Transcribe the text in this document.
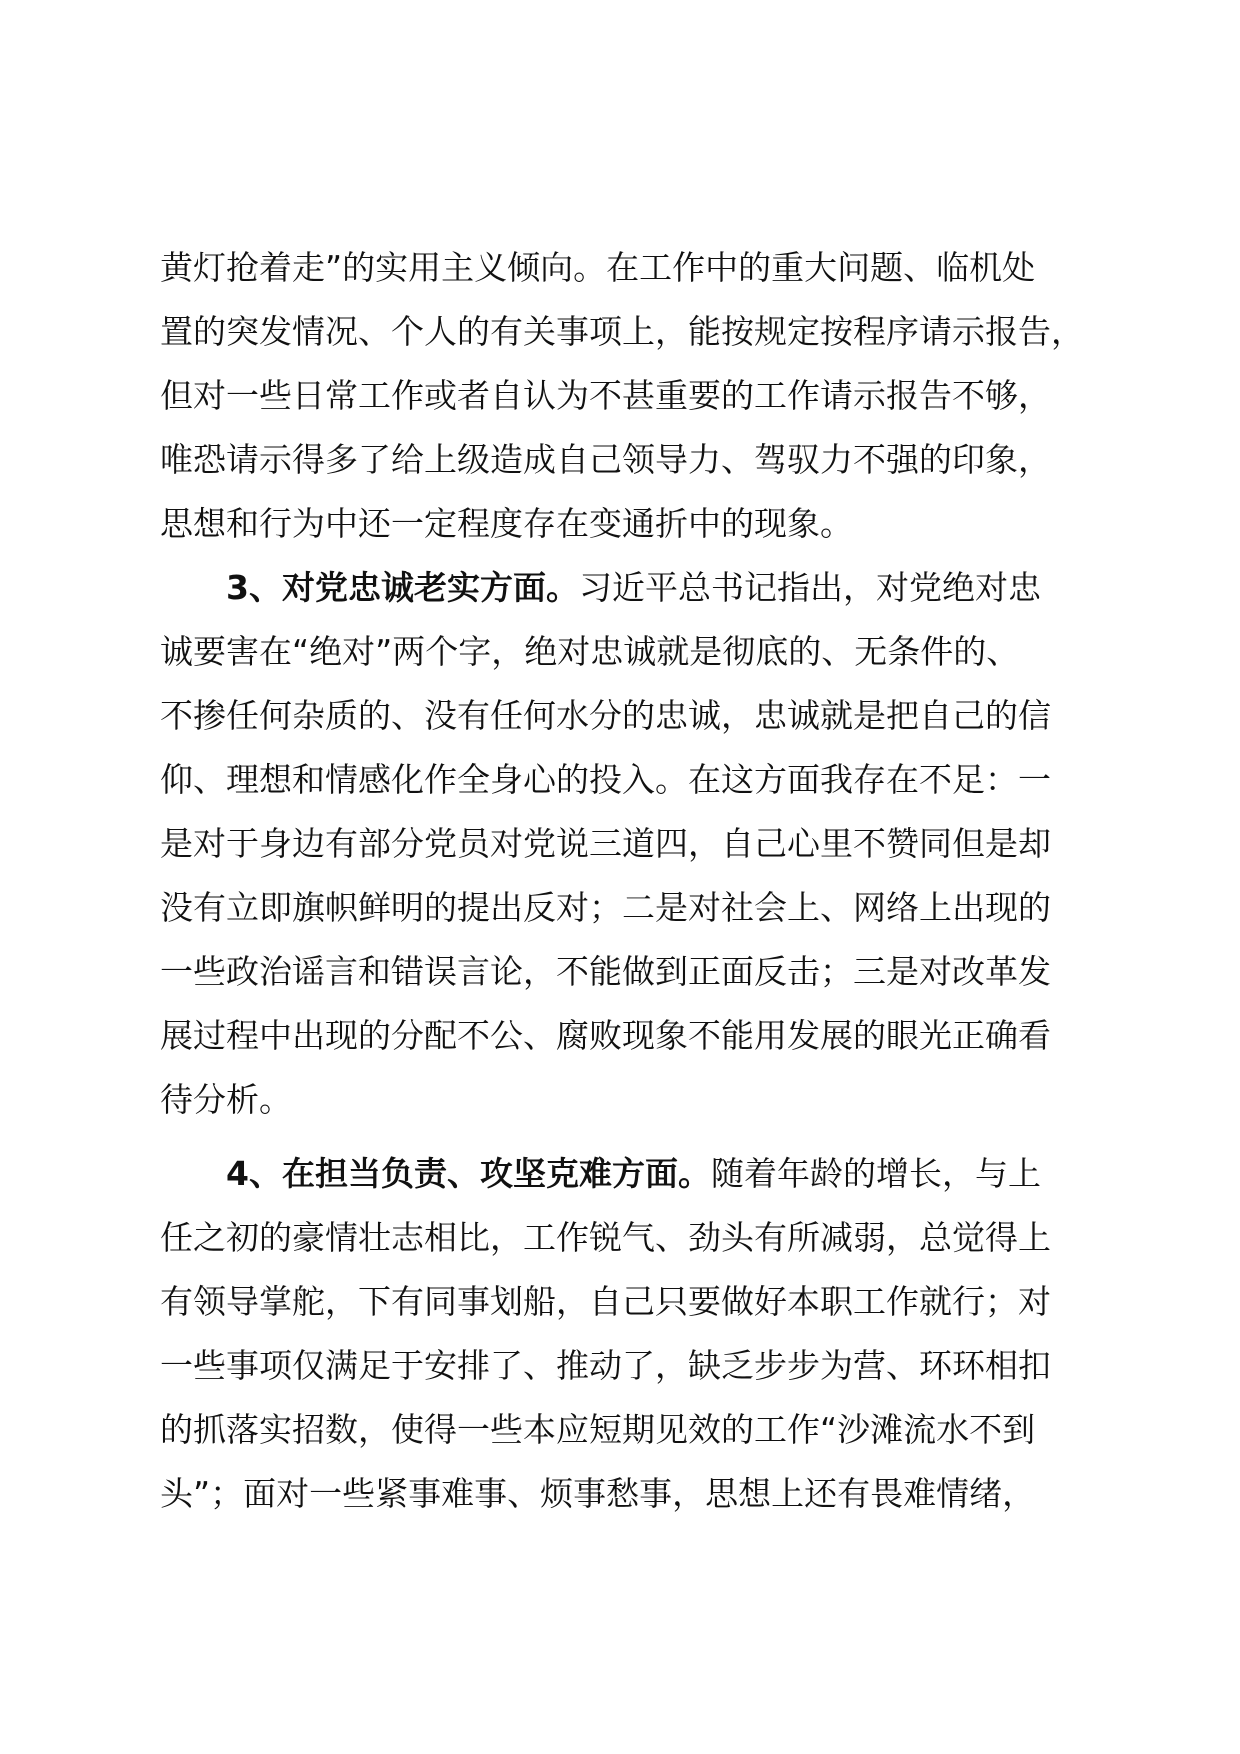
黄灯抢着走”的实用主义倾向。在工作中的重大问题、临机处
置的突发情况、个人的有关事项上，能按规定按程序请示报告，
但对一些日常工作或者自认为不甚重要的工作请示报告不够，
唯恐请示得多了给上级造成自己领导力、驾驭力不强的印象，
思想和行为中还一定程度存在变通折中的现象。
3、对党忠诚老实方面。习近平总书记指出，对党绝对忠
诚要害在“绝对”两个字，绝对忠诚就是彻底的、无条件的、
不掺任何杂质的、没有任何水分的忠诚，忠诚就是把自己的信
仰、理想和情感化作全身心的投入。在这方面我存在不足：一
是对于身边有部分党员对党说三道四，自己心里不赞同但是却
没有立即旗帜鲜明的提出反对；二是对社会上、网络上出现的
一些政治谣言和错误言论，不能做到正面反击；三是对改革发
展过程中出现的分配不公、腐败现象不能用发展的眼光正确看
待分析。
4、在担当负责、攻坚克难方面。随着年龄的增长，与上
任之初的豪情壮志相比，工作锐气、劲头有所减弱，总觉得上
有领导掌舵，下有同事划船，自己只要做好本职工作就行；对
一些事项仅满足于安排了、推动了，缺乏步步为营、环环相扣
的抓落实招数，使得一些本应短期见效的工作“沙滩流水不到
头”；面对一些紧事难事、烦事愁事，思想上还有畏难情绪，
